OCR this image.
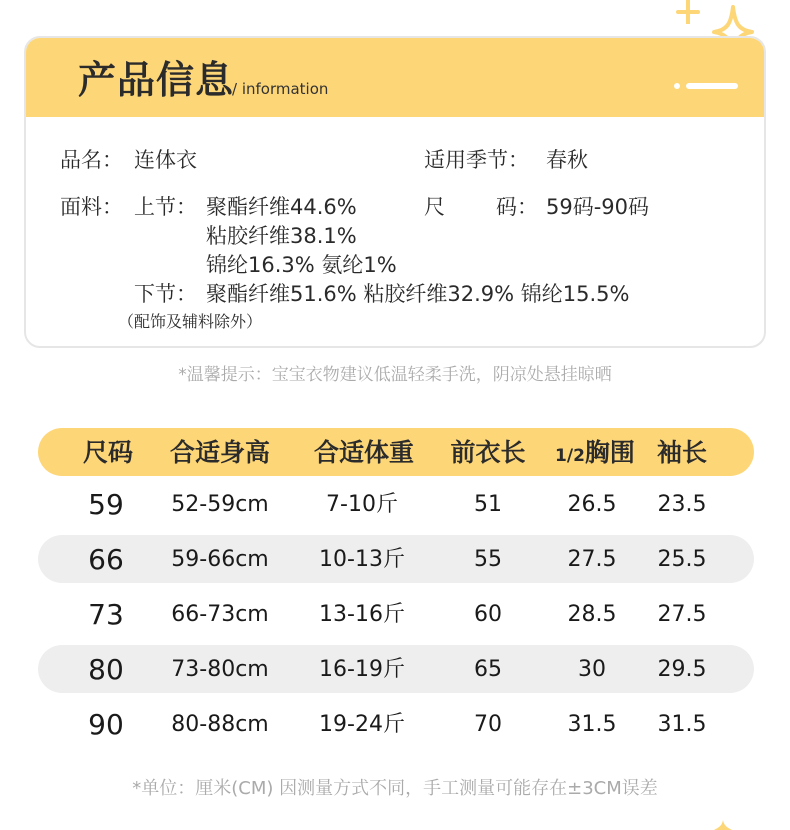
产品信息
/ information
品名： 连体衣	适用季节： 春秋
面料： 上节： 聚酯纤维44.6%
粘胶纤维38.1%
锦纶16.3% 氨纶1%
尺 码： 59码-90码
下节： 聚酯纤维51.6% 粘胶纤维32.9% 锦纶15.5%
（配饰及辅料除外）
*温馨提示：宝宝衣物建议低温轻柔手洗，阴凉处悬挂晾晒
尺码	合适身高	合适体重	前衣长	1/2胸围 袖长
59	52-59cm	7-10斤	51	26.5	23.5
66	59-66cm	10-13斤	55	27.5	25.5
73	66-73cm	13-16斤	60	28.5	27.5
80	73-80cm	16-19斤	65	30	29.5
90	80-88cm	19-24斤	70	31.5	31.5
*单位：厘米(CM) 因测量方式不同，手工测量可能存在±3CM误差
